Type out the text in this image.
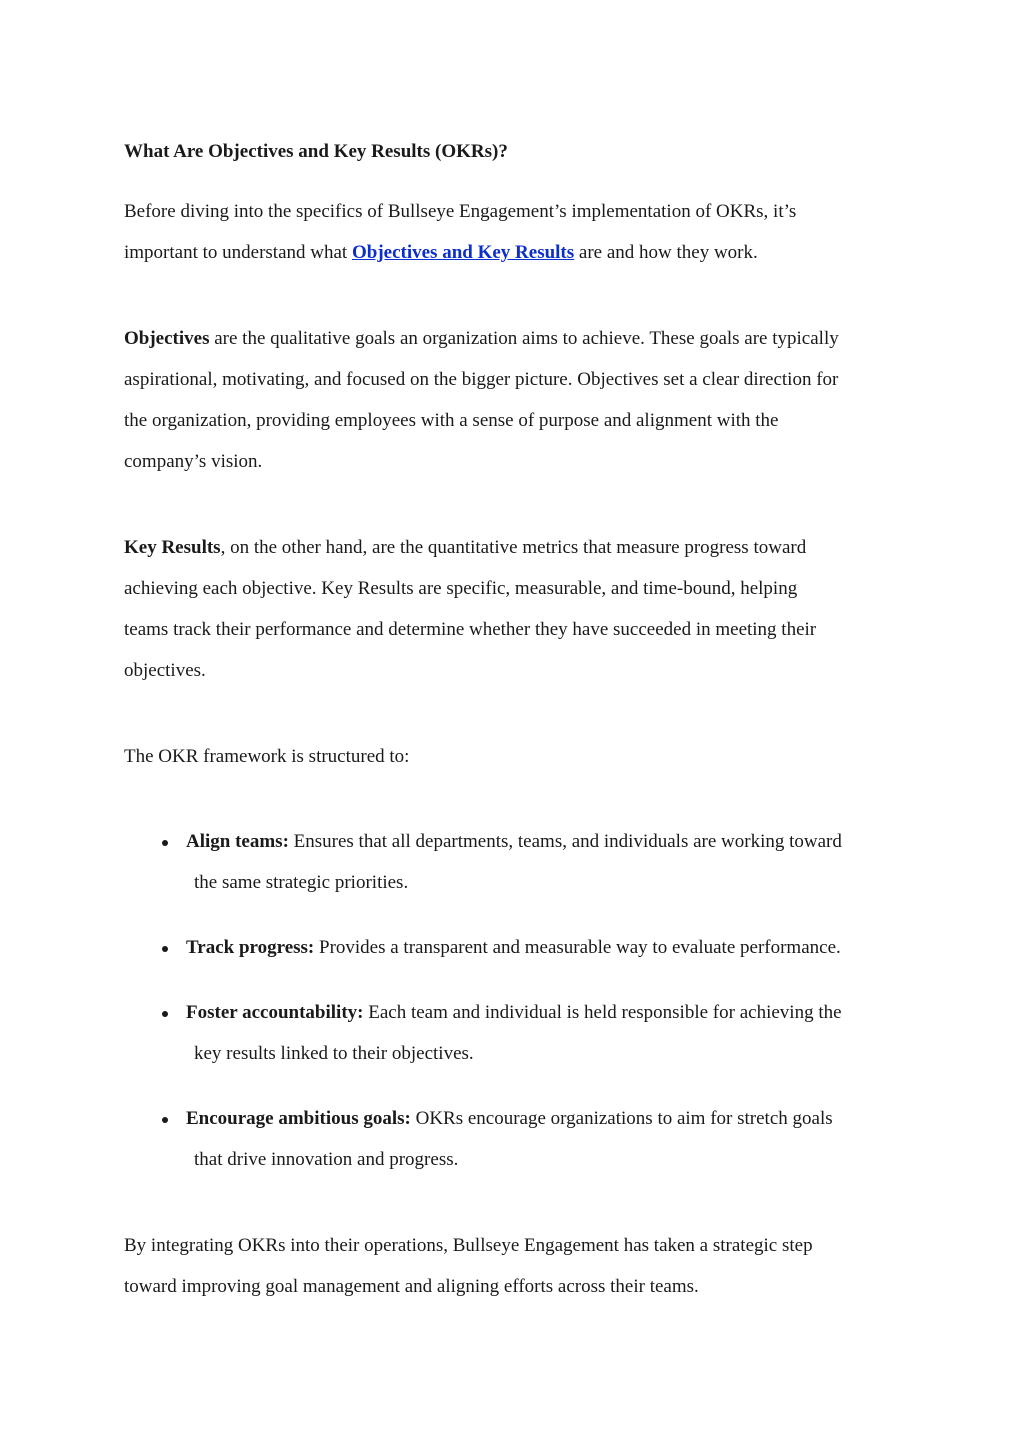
What Are Objectives and Key Results (OKRs)?
Before diving into the specifics of Bullseye Engagement’s implementation of OKRs, it’s
important to understand what Objectives and Key Results are and how they work.
Objectives are the qualitative goals an organization aims to achieve. These goals are typically
aspirational, motivating, and focused on the bigger picture. Objectives set a clear direction for
the organization, providing employees with a sense of purpose and alignment with the
company’s vision.
Key Results, on the other hand, are the quantitative metrics that measure progress toward
achieving each objective. Key Results are specific, measurable, and time-bound, helping
teams track their performance and determine whether they have succeeded in meeting their
objectives.
The OKR framework is structured to:
Align teams: Ensures that all departments, teams, and individuals are working toward
the same strategic priorities.
Track progress: Provides a transparent and measurable way to evaluate performance.
Foster accountability: Each team and individual is held responsible for achieving the
key results linked to their objectives.
Encourage ambitious goals: OKRs encourage organizations to aim for stretch goals
that drive innovation and progress.
By integrating OKRs into their operations, Bullseye Engagement has taken a strategic step
toward improving goal management and aligning efforts across their teams.
